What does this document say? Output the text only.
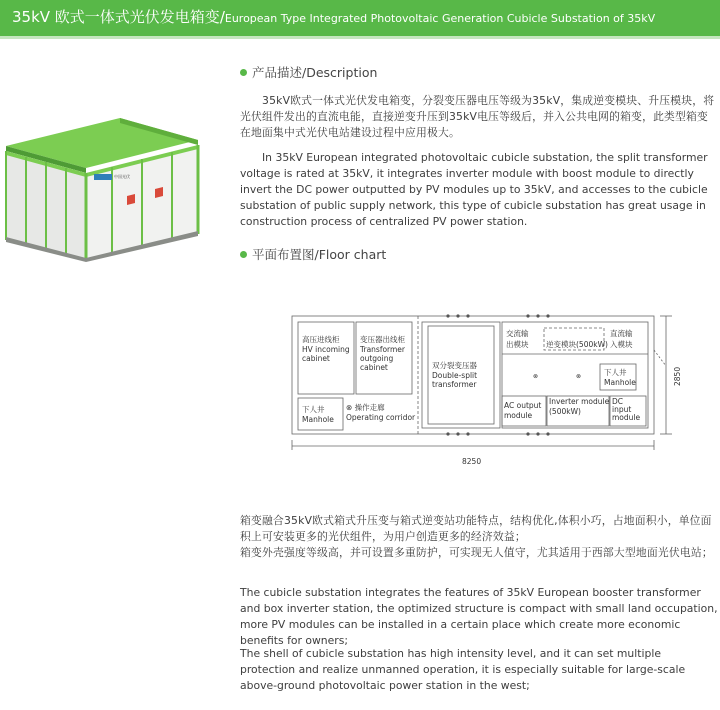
35kV 欧式一体式光伏发电箱变/European Type Integrated Photovoltaic Generation Cubicle Substation of 35kV
中国光伏
产品描述/Description

35kV欧式一体式光伏发电箱变，分裂变压器电压等级为35kV，集成逆变模块、升压模块，将光伏组件发出的直流电能，直接逆变升压到35kV电压等级后，并入公共电网的箱变，此类型箱变在地面集中式光伏电站建设过程中应用极大。

In 35kV European integrated photovoltaic cubicle substation, the split transformer voltage is rated at 35kV, it integrates inverter module with boost module to directly invert the DC power outputted by PV modules up to 35kV, and accesses to the cubicle substation of public supply network, this type of cubicle substation has great usage in construction process of centralized PV power station.

平面布置图/Floor chart
⊗	⊗
高压进线柜
HV incoming
cabinet
变压器出线柜
Transformer
outgoing
cabinet
下人井
Manhole
⊗ 操作走廊
Operating corridor
双分裂变压器
Double-split
transformer
交流输
出模块 逆变模块(500kW)
直流输
入模块
下人井
Manhole
AC output
module
Inverter module
(500kW)
DC
input
module
8250
2850

箱变融合35kV欧式箱式升压变与箱式逆变站功能特点，结构优化,体积小巧，占地面积小，单位面积上可安装更多的光伏组件，为用户创造更多的经济效益；

箱变外壳强度等级高，并可设置多重防护，可实现无人值守，尤其适用于西部大型地面光伏电站；

The cubicle substation integrates the features of 35kV European booster transformer and box inverter station, the optimized structure is compact with small land occupation, more PV modules can be installed in a certain place which create more economic benefits for owners;

The shell of cubicle substation has high intensity level, and it can set multiple protection and realize unmanned operation, it is especially suitable for large-scale above-ground photovoltaic power station in the west;
